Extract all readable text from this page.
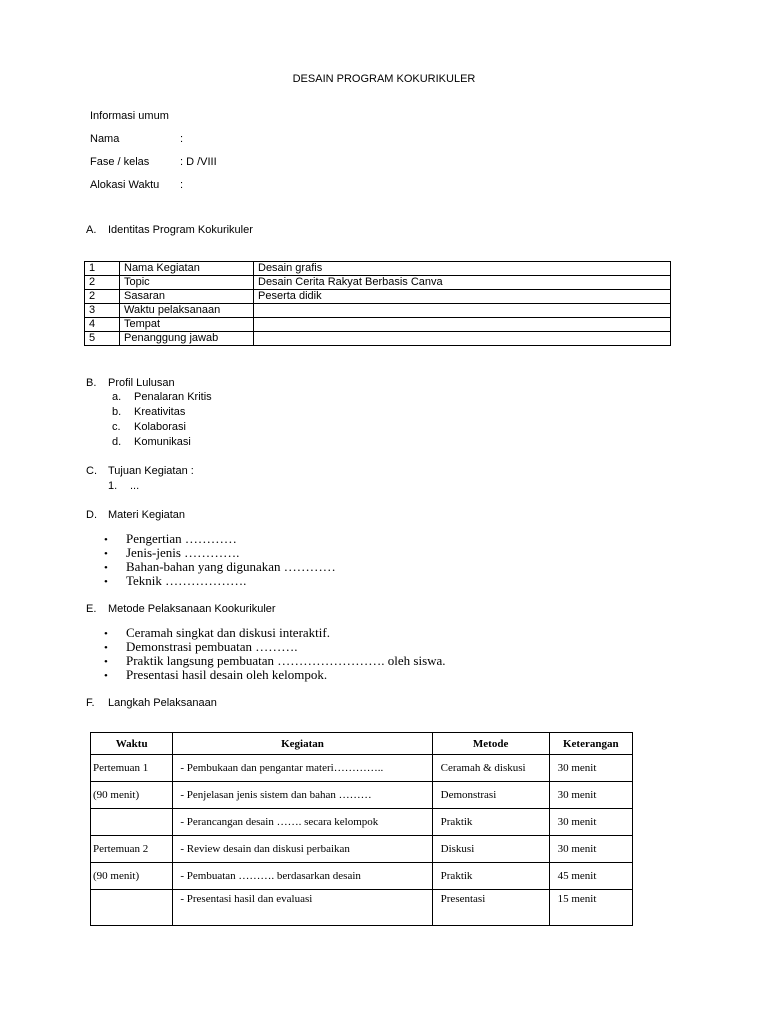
DESAIN PROGRAM KOKURIKULER
Informasi umum
Nama	:
Fase / kelas	: D /VIII
Alokasi Waktu :
A. Identitas Program Kokurikuler
1	Nama Kegiatan	Desain grafis
2	Topic	Desain Cerita Rakyat Berbasis Canva
2	Sasaran	Peserta didik
3	Waktu pelaksanaan	
4	Tempat	
5	Penanggung jawab	
B. Profil Lulusan
a. Penalaran Kritis
b. Kreativitas
c. Kolaborasi
d. Komunikasi
C. Tujuan Kegiatan :
1. ...
D. Materi Kegiatan
• Pengertian …………
• Jenis-jenis ………….
• Bahan-bahan yang digunakan …………
• Teknik ……………….
E. Metode Pelaksanaan Kookurikuler
• Ceramah singkat dan diskusi interaktif.
• Demonstrasi pembuatan ……….
• Praktik langsung pembuatan ……………………. oleh siswa.
• Presentasi hasil desain oleh kelompok.
F. Langkah Pelaksanaan
Waktu	Kegiatan	Metode	Keterangan
Pertemuan 1	- Pembukaan dan pengantar materi…………..	Ceramah & diskusi	30 menit
(90 menit)	- Penjelasan jenis sistem dan bahan ………	Demonstrasi	30 menit
	- Perancangan desain ……. secara kelompok	Praktik	30 menit
Pertemuan 2	- Review desain dan diskusi perbaikan	Diskusi	30 menit
(90 menit)	- Pembuatan ………. berdasarkan desain	Praktik	45 menit
	- Presentasi hasil dan evaluasi	Presentasi	15 menit
